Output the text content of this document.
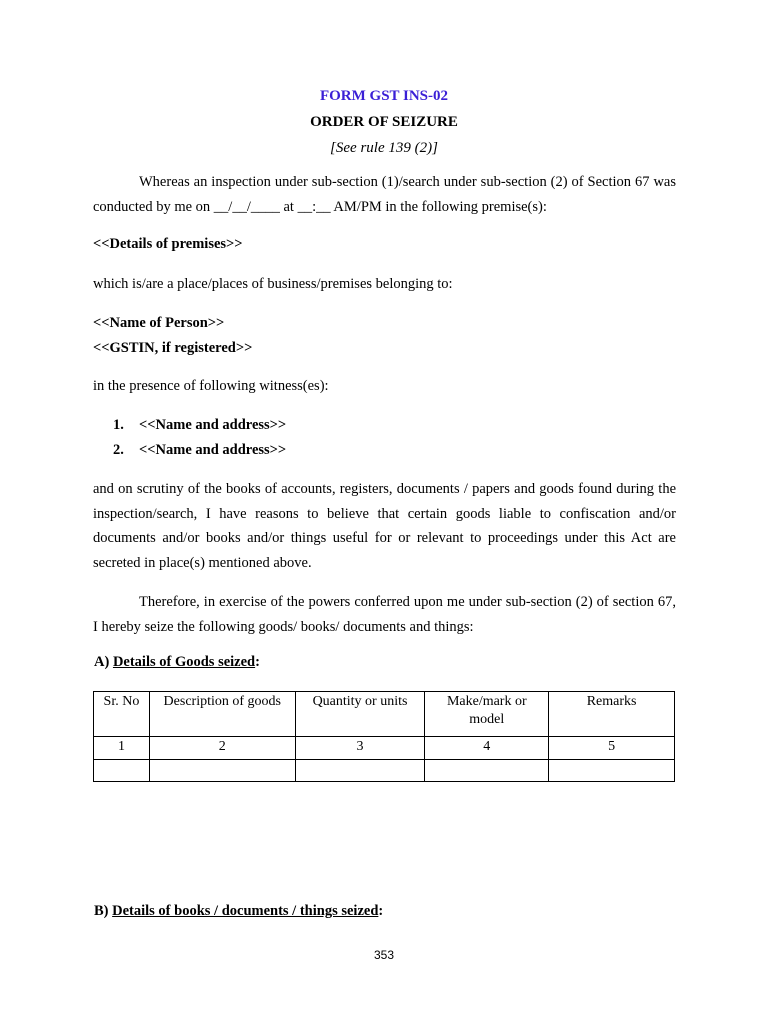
FORM GST INS-02
ORDER OF SEIZURE
[See rule 139 (2)]
Whereas an inspection under sub-section (1)/search under sub-section (2) of Section 67 was conducted by me on __/__/____ at __:__ AM/PM in the following premise(s):
<<Details of premises>>
which is/are a place/places of business/premises belonging to:
<<Name of Person>>
<<GSTIN, if registered>>
in the presence of following witness(es):
1.	<<Name and address>>
2.	<<Name and address>>
and on scrutiny of the books of accounts, registers, documents / papers and goods found during the inspection/search, I have reasons to believe that certain goods liable to confiscation and/or documents and/or books and/or things useful for or relevant to proceedings under this Act are secreted in place(s) mentioned above.
Therefore, in exercise of the powers conferred upon me under sub-section (2) of section 67, I hereby seize the following goods/ books/ documents and things:
A) Details of Goods seized:
Sr. No	Description of goods	Quantity or units	Make/mark or model	Remarks
1	2	3	4	5

B) Details of books / documents / things seized:
353
